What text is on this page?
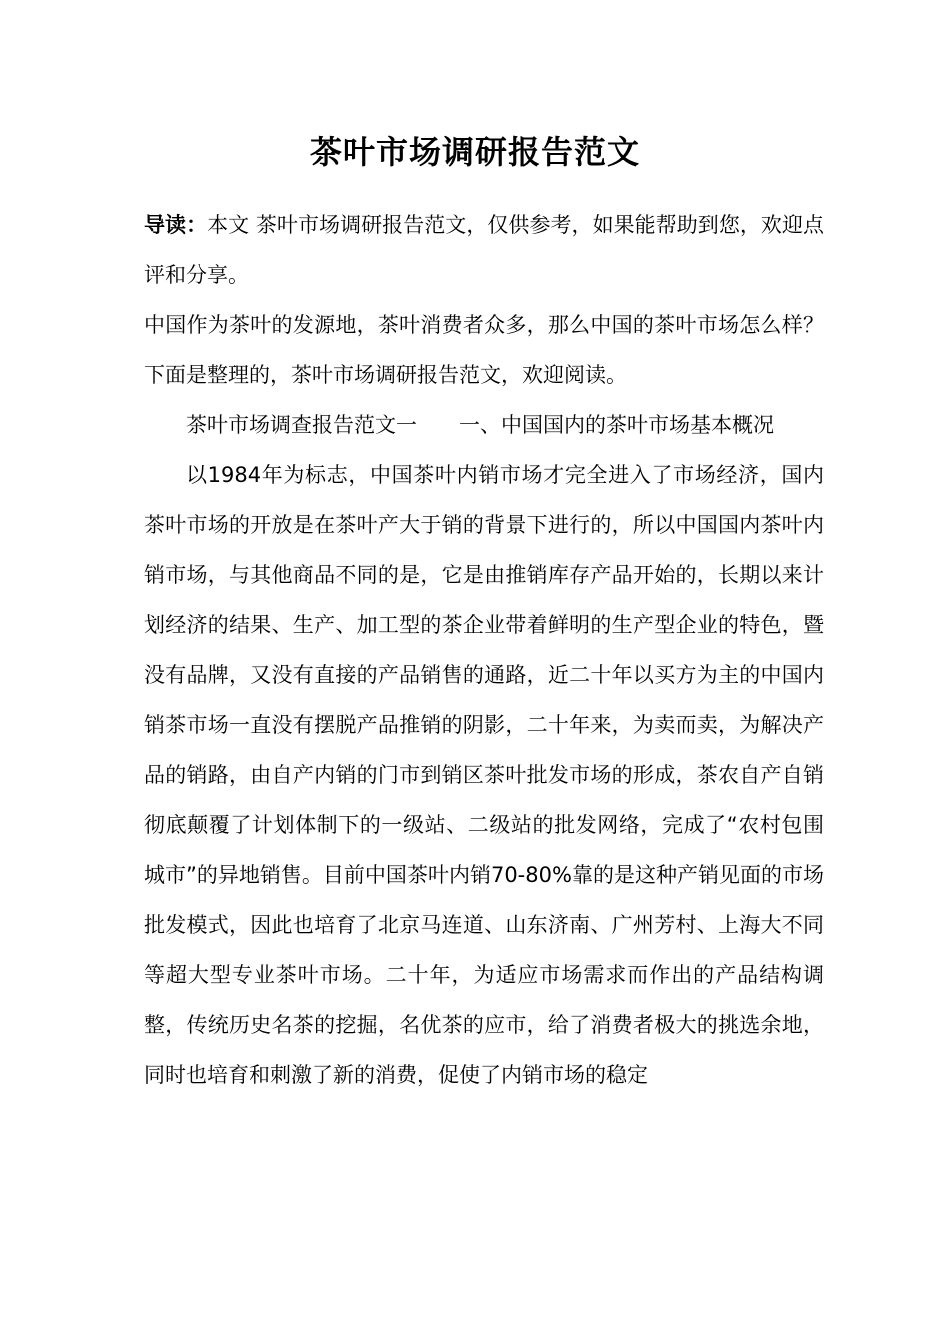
茶叶市场调研报告范文

导读：本文 茶叶市场调研报告范文，仅供参考，如果能帮助到您，欢迎点评和分享。

中国作为茶叶的发源地，茶叶消费者众多，那么中国的茶叶市场怎么样？下面是整理的，茶叶市场调研报告范文，欢迎阅读。

茶叶市场调查报告范文一 一、中国国内的茶叶市场基本概况

以1984年为标志，中国茶叶内销市场才完全进入了市场经济，国内茶叶市场的开放是在茶叶产大于销的背景下进行的，所以中国国内茶叶内销市场，与其他商品不同的是，它是由推销库存产品开始的，长期以来计划经济的结果、生产、加工型的茶企业带着鲜明的生产型企业的特色，暨没有品牌，又没有直接的产品销售的通路，近二十年以买方为主的中国内销茶市场一直没有摆脱产品推销的阴影，二十年来，为卖而卖，为解决产品的销路，由自产内销的门市到销区茶叶批发市场的形成，茶农自产自销彻底颠覆了计划体制下的一级站、二级站的批发网络，完成了“农村包围城市”的异地销售。目前中国茶叶内销70-80%靠的是这种产销见面的市场批发模式，因此也培育了北京马连道、山东济南、广州芳村、上海大不同等超大型专业茶叶市场。二十年，为适应市场需求而作出的产品结构调整，传统历史名茶的挖掘，名优茶的应市，给了消费者极大的挑选余地，同时也培育和刺激了新的消费，促使了内销市场的稳定
